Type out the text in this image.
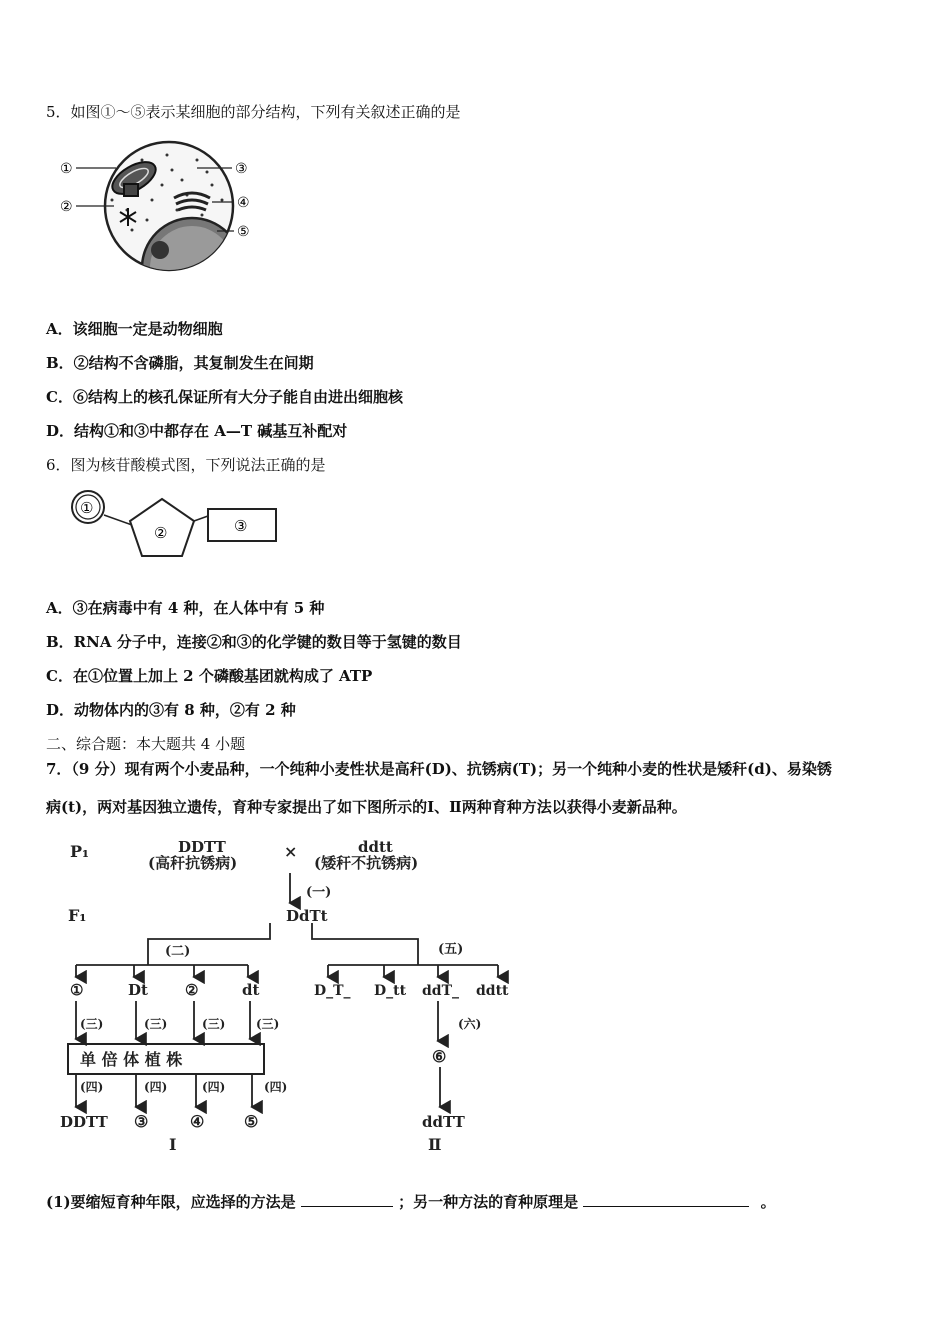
5．如图①～⑤表示某细胞的部分结构，下列有关叙述正确的是
①
②
③
④
⑤
A．该细胞一定是动物细胞
B．②结构不含磷脂，其复制发生在间期
C．⑥结构上的核孔保证所有大分子能自由进出细胞核
D．结构①和③中都存在 A—T 碱基互补配对
6．图为核苷酸模式图，下列说法正确的是
①
②	③
A．③在病毒中有 4 种，在人体中有 5 种
B．RNA 分子中，连接②和③的化学键的数目等于氢键的数目
C．在①位置上加上 2 个磷酸基团就构成了 ATP
D．动物体内的③有 8 种，②有 2 种
二、综合题：本大题共 4 小题
7．（9 分）现有两个小麦品种，一个纯种小麦性状是高秆(D)、抗锈病(T)；另一个纯种小麦的性状是矮秆(d)、易染锈
病(t)，两对基因独立遗传，育种专家提出了如下图所示的Ⅰ、Ⅱ两种育种方法以获得小麦新品种。
P₁
F₁
DDTT
(高秆抗锈病)
×	ddtt
(矮秆不抗锈病)
(一)
DdTt
(二)	(五)
①	Dt ②	dt	D_T_ D_tt ddT_ ddtt
(三)	(三)	(三)	(三)	(六)
⑥
单 倍 体 植 株
(四)	(四)	(四)	(四)
DDTT ③	④ ⑤	ddTT
Ⅰ	Ⅱ
(1)要缩短育种年限，应选择的方法是	；另一种方法的育种原理是	。
